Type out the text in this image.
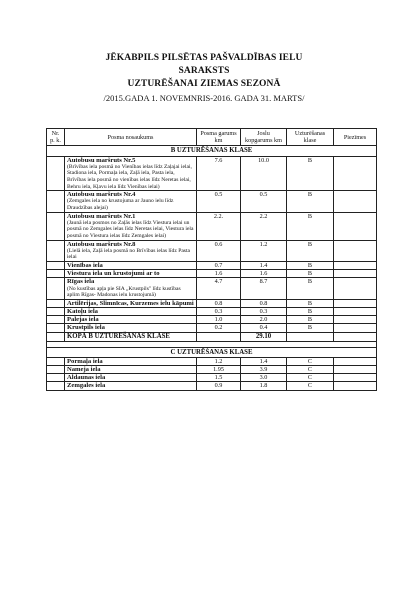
JĒKABPILS PILSĒTAS PAŠVALDĪBAS IELU
SARAKSTS
UZTURĒŠANAI ZIEMAS SEZONĀ
/2015.GADA 1. NOVEMNRIS-2016. GADA 31. MARTS/
Nr. p. k.	Posma nosaukums	Posma garums km	Joslu kopgarums km	Uzturēšanas klase	Piezīmes
B UZTURĒŠANAS KLASE					

	Autobusu maršruts Nr.5
(Brīvības iela posmā no Vienības ielas līdz Zaļajai ielai, Stadiona iela, Pormaļa iela, Zaļā iela, Pasta iela, Brīvības iela posmā no vienības ielas līdz Neretas ielai, Behru iela, Kļavu iela līdz Vienības ielai)	7.6	10.0	B	

	Autobusu maršruts Nr.4
(Zemgales iela no krustojuma ar Jauno ielu līdz Draudzības alejai)	0.5	0.5	B	

	Autobusu maršruts Nr.1
(Jaunā iela posmos no Zaļās ielas līdz Viestura ielai un posmā no Zemgales ielas līdz Neretas ielai, Viestura iela posmā no Viestura ielas līdz Zemgales ielai)	2.2.	2.2	B	

	Autobusu maršruts Nr.8
(Lielā iela, Zaļā iela posmā no Brīvības ielas līdz Pasta ielai	0.6	1.2	B	

	Vienības iela	0.7	1.4	B	

	Viestura iela un krustojumi ar to	1.6	1.6	B	

	Rīgas iela
(No kustības apļa pie SIA „Krustpils" līdz kustības aplim Rīgas- Madonas ielu krustojumā)	4.7	8.7	B	

	Artilērijas, Slimnīcas, Kurzemes ielu kāpumi	0.8	0.8	B	

	Katoļu iela	0.3	0.3	B	

	Palejas iela	1.0	2.0	B	

	Krustpils iela	0.2	0.4	B	
	KOPĀ B UZTURĒŠANAS KLASE		29.10		

C UZTURĒŠANAS KLASE					
	Pormaļa iela	1.2	1.4	C	
	Nameja iela	1.95	3.9	C	
	Aldaunas iela	1.5	3.0	C	
	Zemgales iela	0.9	1.8	C	
